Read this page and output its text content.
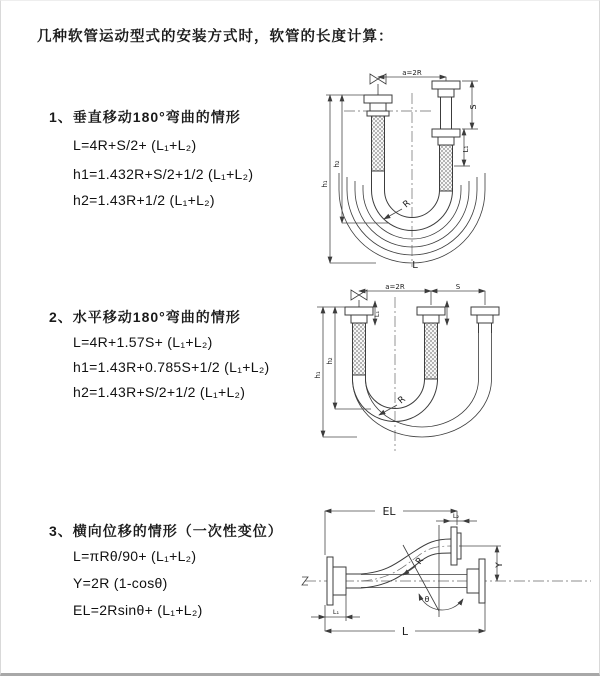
几种软管运动型式的安装方式时，软管的长度计算：
1、垂直移动180°弯曲的情形
L=4R+S/2+ (L₁+L₂)
h1=1.432R+S/2+1/2 (L₁+L₂)
h2=1.43R+1/2 (L₁+L₂)
2、水平移动180°弯曲的情形
L=4R+1.57S+ (L₁+L₂)
h1=1.43R+0.785S+1/2 (L₁+L₂)
h2=1.43R+S/2+1/2 (L₁+L₂)
3、横向位移的情形（一次性变位）
L=πRθ/90+ (L₁+L₂)
Y=2R (1-cosθ)
EL=2Rsinθ+ (L₁+L₂)
a=2R
S
L₁
h₁
h₂
R
L
a=2R	S
L₁
h₁
h₂
R
θ
R
EL	L₂
Y
L₁
L
